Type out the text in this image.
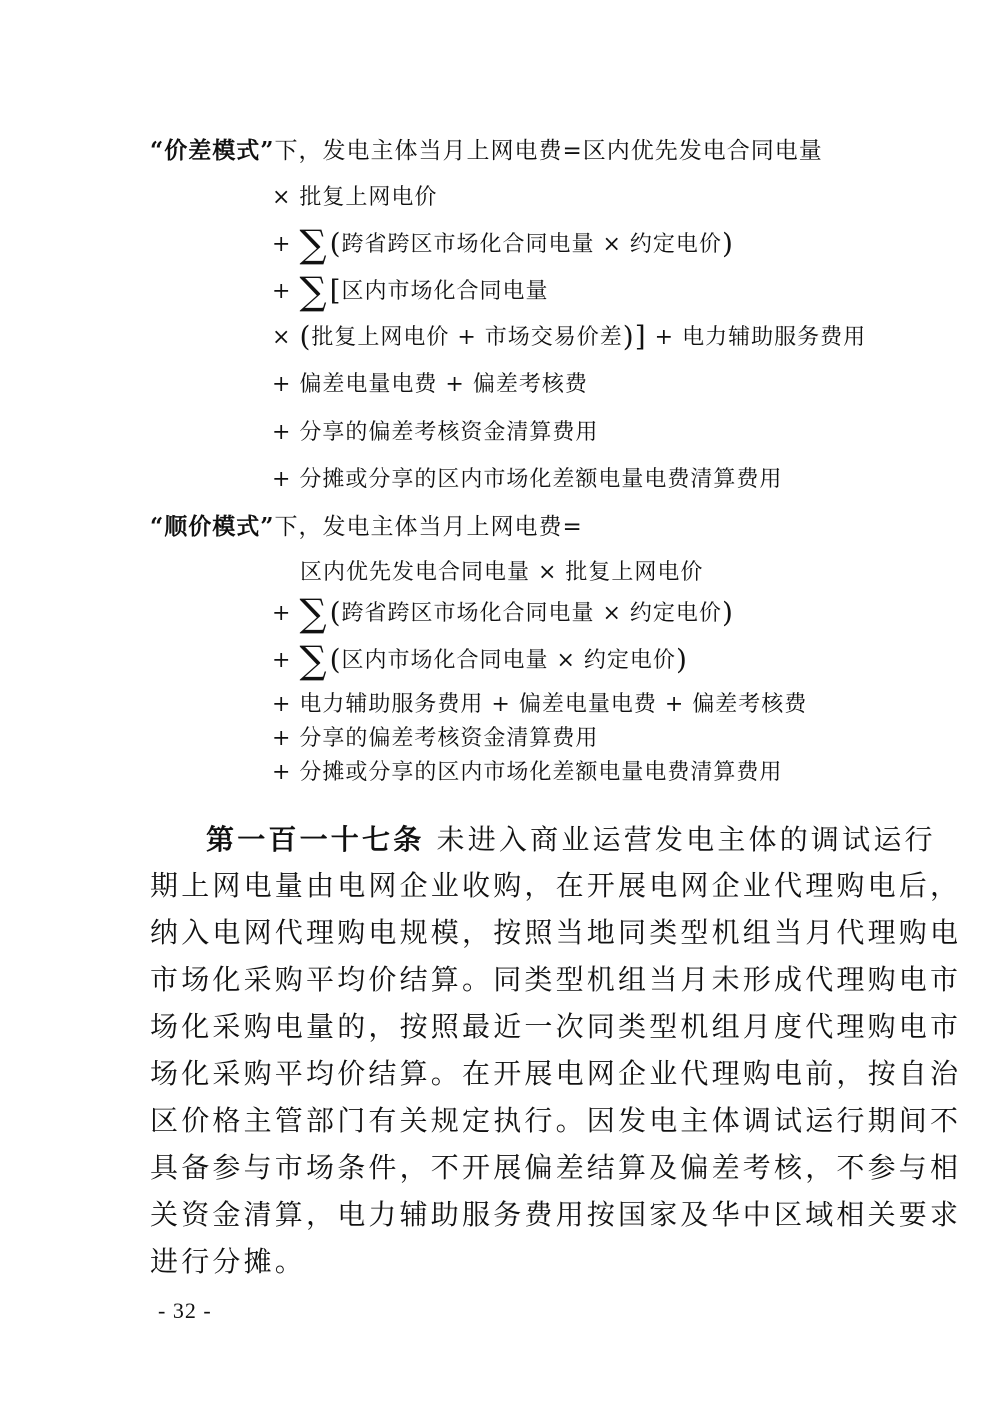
“价差模式”下，发电主体当月上网电费=区内优先发电合同电量
× 批复上网电价
+ ∑(跨省跨区市场化合同电量 × 约定电价)
+ ∑[区内市场化合同电量
× (批复上网电价 + 市场交易价差)] + 电力辅助服务费用
+ 偏差电量电费 + 偏差考核费
+ 分享的偏差考核资金清算费用
+ 分摊或分享的区内市场化差额电量电费清算费用
“顺价模式”下，发电主体当月上网电费=
区内优先发电合同电量 × 批复上网电价
+ ∑(跨省跨区市场化合同电量 × 约定电价)
+ ∑(区内市场化合同电量 × 约定电价)
+ 电力辅助服务费用 + 偏差电量电费 + 偏差考核费
+ 分享的偏差考核资金清算费用
+ 分摊或分享的区内市场化差额电量电费清算费用
第一百一十七条 未进入商业运营发电主体的调试运行
期上网电量由电网企业收购，在开展电网企业代理购电后，
纳入电网代理购电规模，按照当地同类型机组当月代理购电
市场化采购平均价结算。同类型机组当月未形成代理购电市
场化采购电量的，按照最近一次同类型机组月度代理购电市
场化采购平均价结算。在开展电网企业代理购电前，按自治
区价格主管部门有关规定执行。因发电主体调试运行期间不
具备参与市场条件，不开展偏差结算及偏差考核，不参与相
关资金清算，电力辅助服务费用按国家及华中区域相关要求
进行分摊。
- 32 -
